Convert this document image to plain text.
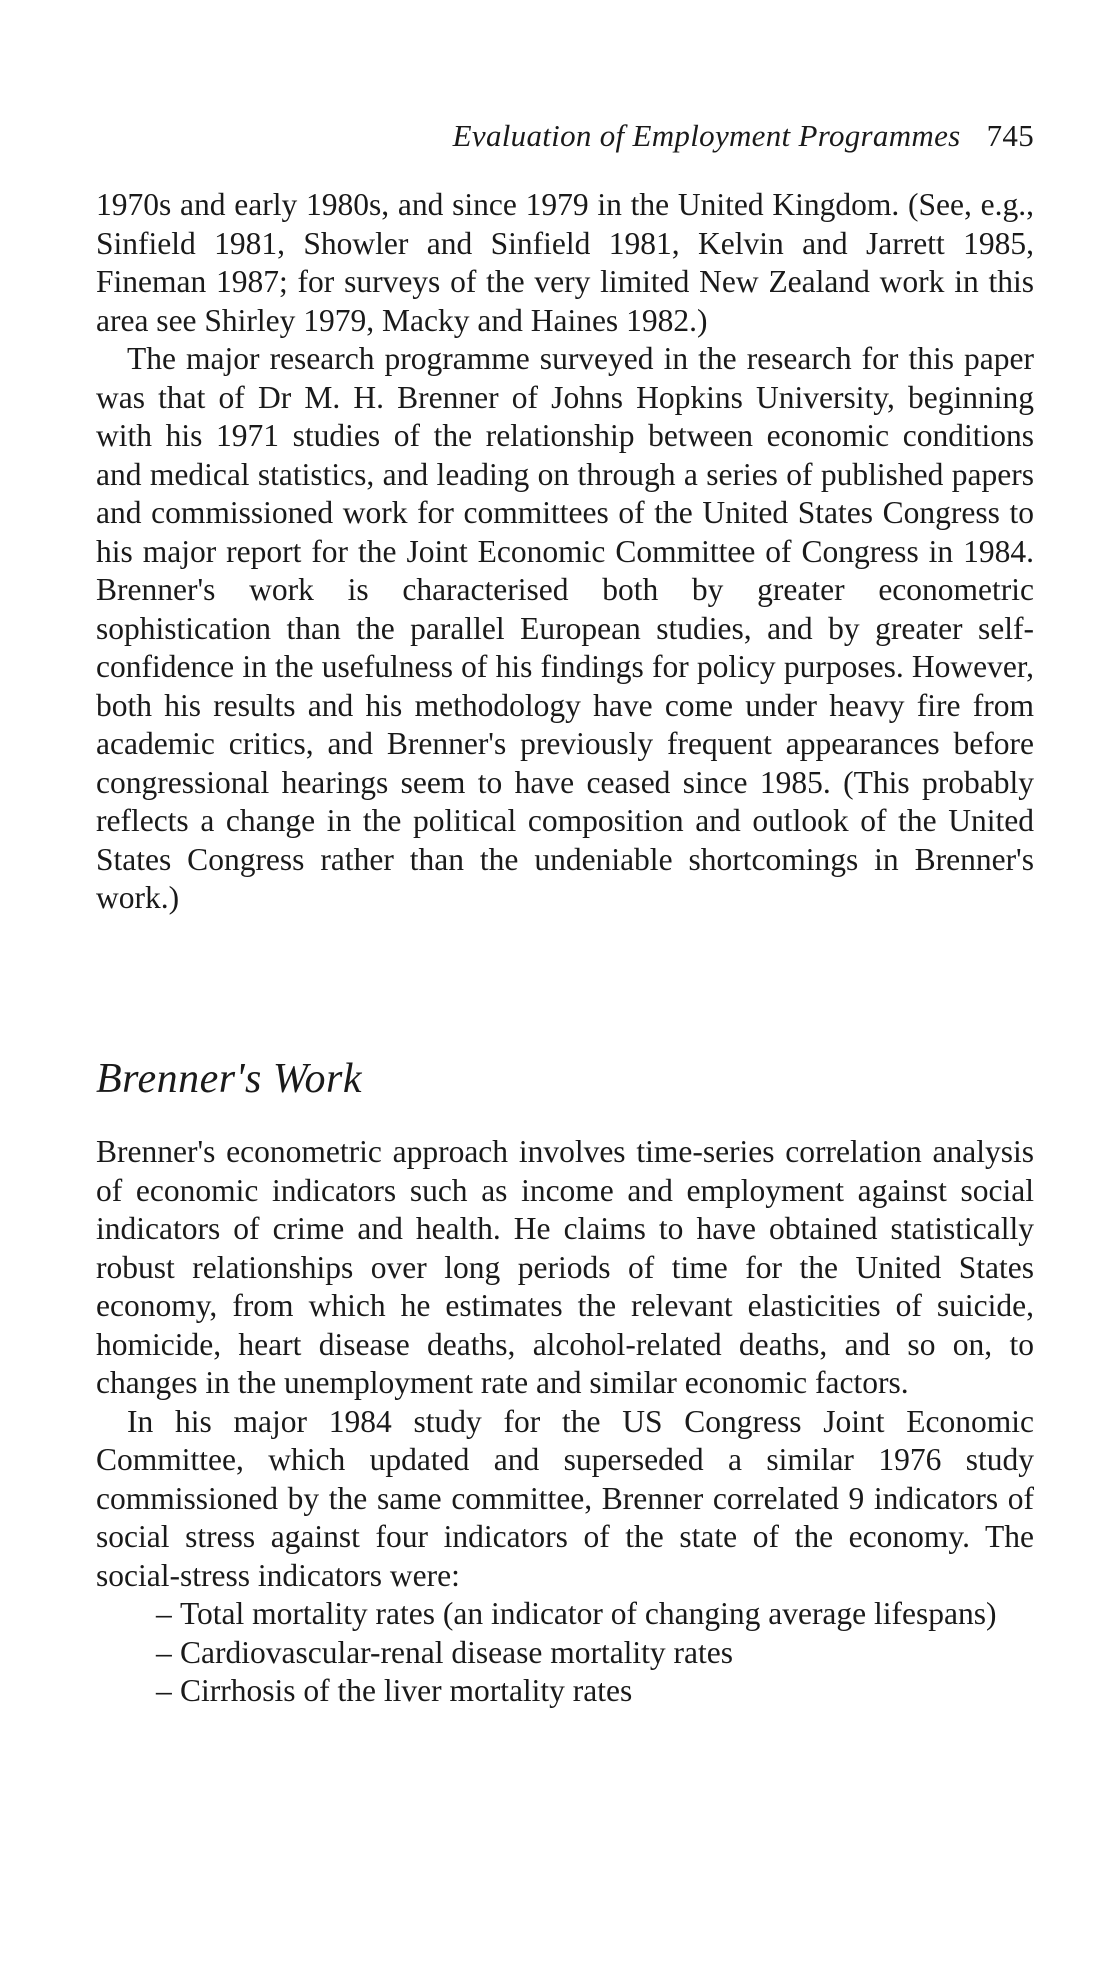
Evaluation of Employment Programmes 745

1970s and early 1980s, and since 1979 in the United Kingdom. (See, e.g., Sinfield 1981, Showler and Sinfield 1981, Kelvin and Jarrett 1985, Fineman 1987; for surveys of the very limited New Zealand work in this area see Shirley 1979, Macky and Haines 1982.)

The major research programme surveyed in the research for this paper was that of Dr M. H. Brenner of Johns Hopkins University, beginning with his 1971 studies of the relationship between economic conditions and medical statistics, and leading on through a series of published papers and commissioned work for committees of the United States Congress to his major report for the Joint Economic Committee of Congress in 1984. Brenner's work is characterised both by greater econometric sophistication than the parallel European studies, and by greater self-confidence in the usefulness of his findings for policy purposes. However, both his results and his methodology have come under heavy fire from academic critics, and Brenner's previously frequent appearances before congressional hearings seem to have ceased since 1985. (This probably reflects a change in the political composition and outlook of the United States Congress rather than the undeniable shortcomings in Brenner's work.)

Brenner's Work

Brenner's econometric approach involves time-series correlation analysis of economic indicators such as income and employment against social indicators of crime and health. He claims to have obtained statistically robust relationships over long periods of time for the United States economy, from which he estimates the relevant elasticities of suicide, homicide, heart disease deaths, alcohol-related deaths, and so on, to changes in the unemployment rate and similar economic factors.

In his major 1984 study for the US Congress Joint Economic Committee, which updated and superseded a similar 1976 study commissioned by the same committee, Brenner correlated 9 indicators of social stress against four indicators of the state of the economy. The social-stress indicators were:

– Total mortality rates (an indicator of changing average lifespans)
– Cardiovascular-renal disease mortality rates
– Cirrhosis of the liver mortality rates
